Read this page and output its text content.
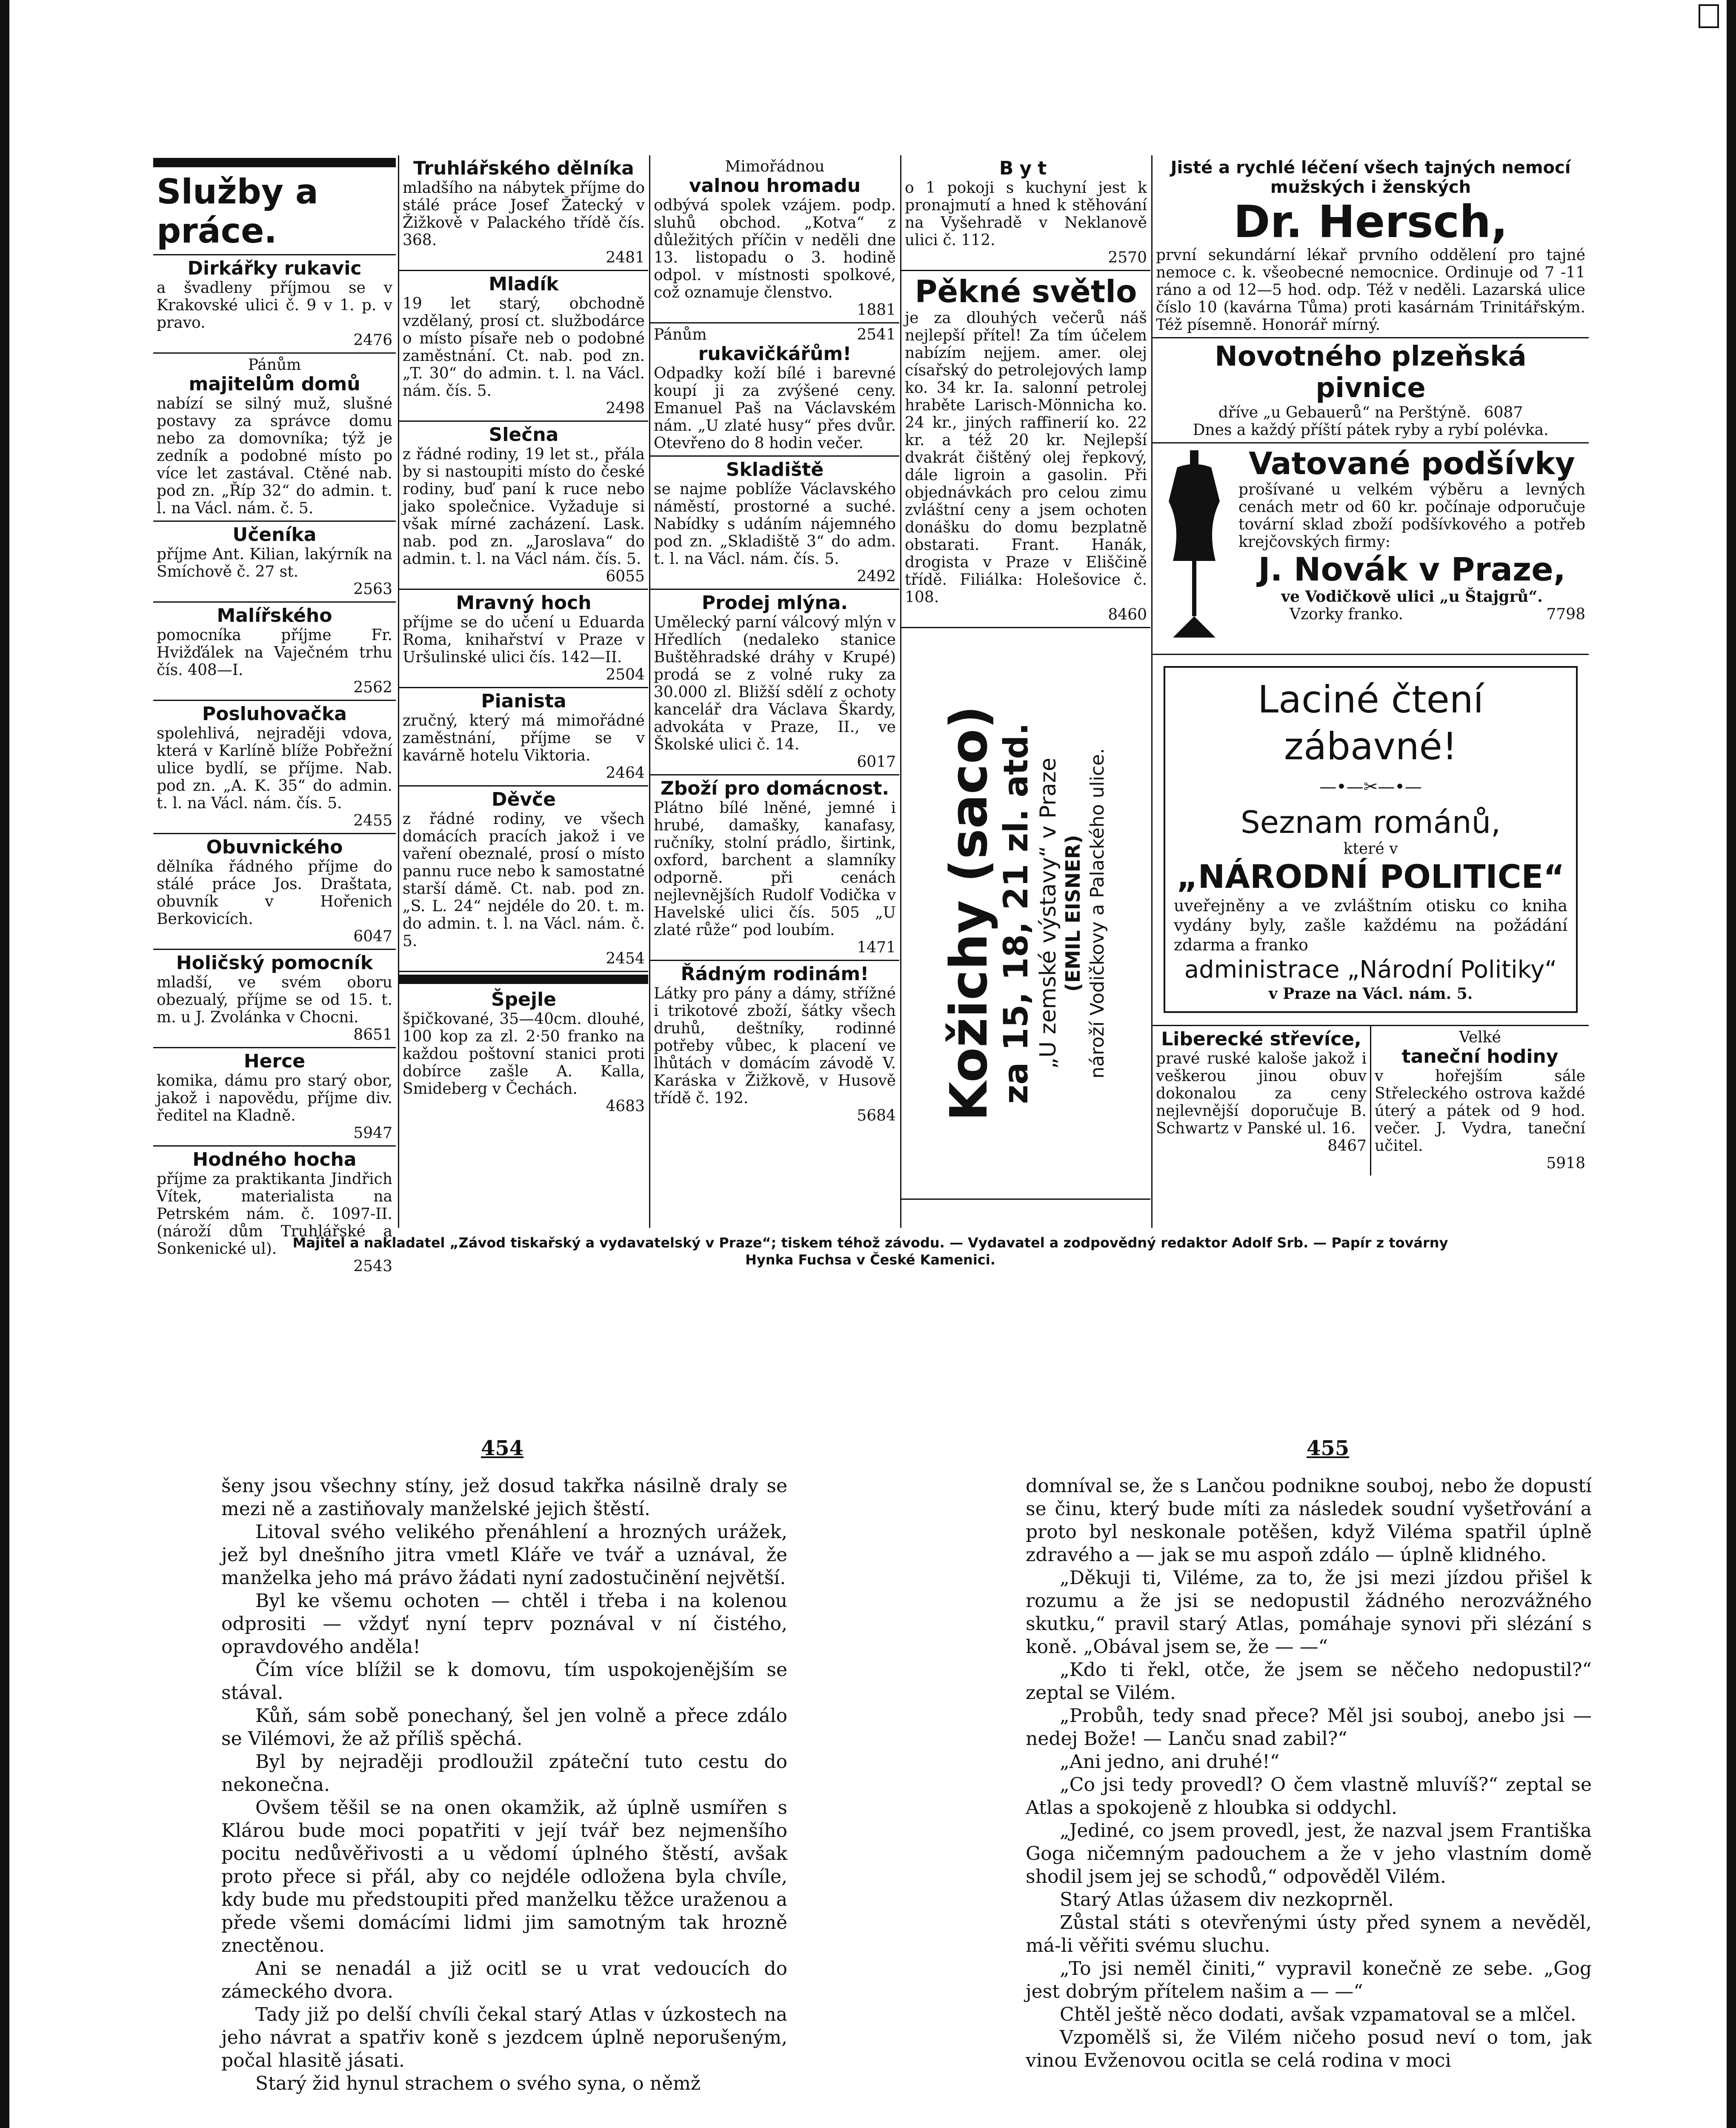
Služby a práce.
Dirkářky rukavic
a švadleny příjmou se v Krakovské ulici č. 9 v 1. p. v pravo.
2476
Pánům
majitelům domů
nabízí se silný muž, slušné postavy za správce domu nebo za domovníka; týž je zedník a podobné místo po více let zastával. Ctěné nab. pod zn. „Říp 32“ do admin. t. l. na Václ. nám. č. 5.
Učeníka
příjme Ant. Kilian, lakýrník na Smíchově č. 27 st.
2563
Malířského
pomocníka příjme Fr. Hvižďálek na Vaječném trhu čís. 408—I.
2562
Posluhovačka
spolehlivá, nejraději vdova, která v Karlíně blíže Pobřežní ulice bydlí, se příjme. Nab. pod zn. „A. K. 35“ do admin. t. l. na Václ. nám. čís. 5.
2455
Obuvnického
dělníka řádného příjme do stálé práce Jos. Draštata, obuvník v Hořenich Berkovicích.
6047
Holičský pomocník
mladší, ve svém oboru obezualý, příjme se od 15. t. m. u J. Zvolánka v Chocni.
8651
Herce
komika, dámu pro starý obor, jakož i napovědu, příjme div. ředitel na Kladně.
5947
Hodného hocha
příjme za praktikanta Jindřich Vítek, materialista na Petrském nám. č. 1097-II. (nároží dům Truhlářské a Sonkenické ul).
2543
Truhlářského dělníka
mladšího na nábytek příjme do stálé práce Josef Žatecký v Žižkově v Palackého třídě čís. 368.
2481
Mladík
19 let starý, obchodně vzdělaný, prosí ct. službodárce o místo písaře neb o podobné zaměstnání. Ct. nab. pod zn. „T. 30“ do admin. t. l. na Václ. nám. čís. 5.
2498
Slečna
z řádné rodiny, 19 let st., přála by si nastoupiti místo do české rodiny, buď paní k ruce nebo jako společnice. Vyžaduje si však mírné zacházení. Lask. nab. pod zn. „Jaroslava“ do admin. t. l. na Václ nám. čís. 5.
6055
Mravný hoch
příjme se do učení u Eduarda Roma, knihařství v Praze v Uršulinské ulici čís. 142—II.
2504
Pianista
zručný, který má mimořádné zaměstnání, příjme se v kavárně hotelu Viktoria.
2464
Děvče
z řádné rodiny, ve všech domácích pracích jakož i ve vaření obeznalé, prosí o místo pannu ruce nebo k samostatné starší dámě. Ct. nab. pod zn. „S. L. 24“ nejdéle do 20. t. m. do admin. t. l. na Václ. nám. č. 5.
2454
Špejle
špičkované, 35—40cm. dlouhé, 100 kop za zl. 2·50 franko na každou poštovní stanici proti dobírce zašle A. Kalla, Smideberg v Čechách.
4683
Mimořádnou
valnou hromadu
odbývá spolek vzájem. podp. sluhů obchod. „Kotva“ z důležitých příčin v neděli dne 13. listopadu o 3. hodině odpol. v místnosti spolkové, což oznamuje členstvo.
1881
Pánům	2541
rukavičkářům!
Odpadky koží bílé i barevné koupí ji za zvýšené ceny. Emanuel Paš na Václavském nám. „U zlaté husy“ přes dvůr. Otevřeno do 8 hodin večer.
Skladiště
se najme poblíže Václavského náměstí, prostorné a suché. Nabídky s udáním nájemného pod zn. „Skladiště 3“ do adm. t. l. na Václ. nám. čís. 5.
2492
Prodej mlýna.
Umělecký parní válcový mlýn v Hředlích (nedaleko stanice Buštěhradské dráhy v Krupé) prodá se z volné ruky za 30.000 zl. Bližší sdělí z ochoty kancelář dra Václava Škardy, advokáta v Praze, II., ve Školské ulici č. 14.
6017
Zboží pro domácnost.
Plátno bílé lněné, jemné i hrubé, damašky, kanafasy, ručníky, stolní prádlo, širtink, oxford, barchent a slamníky odporně. při cenách nejlevnějších Rudolf Vodička v Havelské ulici čís. 505 „U zlaté růže“ pod loubím.
1471
Řádným rodinám!
Látky pro pány a dámy, střížné i trikotové zboží, šátky všech druhů, deštníky, rodinné potřeby vůbec, k placení ve lhůtách v domácím závodě V. Karáska v Žižkově, v Husově třídě č. 192.
5684
Byt
o 1 pokoji s kuchyní jest k pronajmutí a hned k stěhování na Vyšehradě v Neklanově ulici č. 112.
2570
Pěkné světlo
je za dlouhých večerů náš nejlepší přítel! Za tím účelem nabízím nejjem. amer. olej císařský do petrolejových lamp ko. 34 kr. Ia. salonní petrolej hraběte Larisch-Mönnicha ko. 24 kr., jiných raffinerií ko. 22 kr. a též 20 kr. Nejlepší dvakrát čištěný olej řepkový, dále ligroin a gasolin. Při objednávkách pro celou zimu zvláštní ceny a jsem ochoten donášku do domu bezplatně obstarati. Frant. Hanák, drogista v Praze v Eliščině třídě. Filiálka: Holešovice č. 108.
8460
Kožichy (saco)
za 15, 18, 21 zl. atd. „U zemské výstavy“ v Praze (EMIL EISNER) nároží Vodičkovy a Palackého ulice.
Jisté a rychlé léčení všech tajných nemocí mužských i ženských
Dr. Hersch,
první sekundární lékař prvního oddělení pro tajné nemoce c. k. všeobecné nemocnice. Ordinuje od 7 -11 ráno a od 12—5 hod. odp. Též v neděli. Lazarská ulice číslo 10 (kavárna Tůma) proti kasárnám Trinitářským. Též písemně. Honorář mírný.
Novotného plzeňská pivnice
dříve „u Gebauerů“ na Perštýně. 6087
Dnes a každý příští pátek ryby a rybí polévka.
Vatované podšívky
prošívané u velkém výběru a levných cenách metr od 60 kr. počínaje odporučuje tovární sklad zboží podšívkového a potřeb krejčovských firmy:
J. Novák v Praze,
ve Vodičkově ulici „u Štajgrů“.
Vzorky franko.	7798
Laciné čtení zábavné!
—•—✂—•—
Seznam románů,
které v
„NÁRODNÍ POLITICE“
uveřejněny a ve zvláštním otisku co kniha vydány byly, zašle každému na požádání zdarma a franko
administrace „Národní Politiky“
v Praze na Václ. nám. 5.
Liberecké střevíce,
pravé ruské kaloše jakož i veškerou jinou obuv dokonalou za ceny nejlevnější doporučuje B. Schwartz v Panské ul. 16.
8467
Velké
taneční hodiny
v hořejším sále Střeleckého ostrova každé úterý a pátek od 9 hod. večer. J. Vydra, taneční učitel.
5918
Majitel a nakladatel „Závod tiskařský a vydavatelský v Praze“; tiskem téhož závodu. — Vydavatel a zodpovědný redaktor Adolf Srb. — Papír z továrny
Hynka Fuchsa v České Kamenici.
454	455

šeny jsou všechny stíny, jež dosud takřka násilně draly se mezi ně a zastiňovaly manželské jejich štěstí.

Litoval svého velikého přenáhlení a hrozných urážek, jež byl dnešního jitra vmetl Kláře ve tvář a uznával, že manželka jeho má právo žádati nyní zadostučinění největší.

Byl ke všemu ochoten — chtěl i třeba i na kolenou odprositi — vždyť nyní teprv poznával v ní čistého, opravdového anděla!

Čím více blížil se k domovu, tím uspokojenějším se stával.

Kůň, sám sobě ponechaný, šel jen volně a přece zdálo se Vilémovi, že až příliš spěchá.

Byl by nejraději prodloužil zpáteční tuto cestu do nekonečna.

Ovšem těšil se na onen okamžik, až úplně usmířen s Klárou bude moci popatřiti v její tvář bez nejmenšího pocitu nedůvěřivosti a u vědomí úplného štěstí, avšak proto přece si přál, aby co nejdéle odložena byla chvíle, kdy bude mu předstoupiti před manželku těžce uraženou a přede všemi domácími lidmi jim samotným tak hrozně znectěnou.

Ani se nenadál a již ocitl se u vrat vedoucích do zámeckého dvora.

Tady již po delší chvíli čekal starý Atlas v úzkostech na jeho návrat a spatřiv koně s jezdcem úplně neporušeným, počal hlasitě jásati.

Starý žid hynul strachem o svého syna, o němž

domníval se, že s Lančou podnikne souboj, nebo že dopustí se činu, který bude míti za následek soudní vyšetřování a proto byl neskonale potěšen, když Viléma spatřil úplně zdravého a — jak se mu aspoň zdálo — úplně klidného.

„Děkuji ti, Viléme, za to, že jsi mezi jízdou přišel k rozumu a že jsi se nedopustil žádného nerozvážného skutku,“ pravil starý Atlas, pomáhaje synovi při slézání s koně. „Obával jsem se, že — —“

„Kdo ti řekl, otče, že jsem se něčeho nedopustil?“ zeptal se Vilém.

„Probůh, tedy snad přece? Měl jsi souboj, anebo jsi — nedej Bože! — Lanču snad zabil?“

„Ani jedno, ani druhé!“

„Co jsi tedy provedl? O čem vlastně mluvíš?“ zeptal se Atlas a spokojeně z hloubka si oddychl.

„Jediné, co jsem provedl, jest, že nazval jsem Františka Goga ničemným padouchem a že v jeho vlastním domě shodil jsem jej se schodů,“ odpověděl Vilém.

Starý Atlas úžasem div nezkoprněl.

Zůstal státi s otevřenými ústy před synem a nevěděl, má-li věřiti svému sluchu.

„To jsi neměl činiti,“ vypravil konečně ze sebe. „Gog jest dobrým přítelem našim a — —“

Chtěl ještě něco dodati, avšak vzpamatoval se a mlčel.

Vzpomělš si, že Vilém ničeho posud neví o tom, jak vinou Evženovou ocitla se celá rodina v moci
